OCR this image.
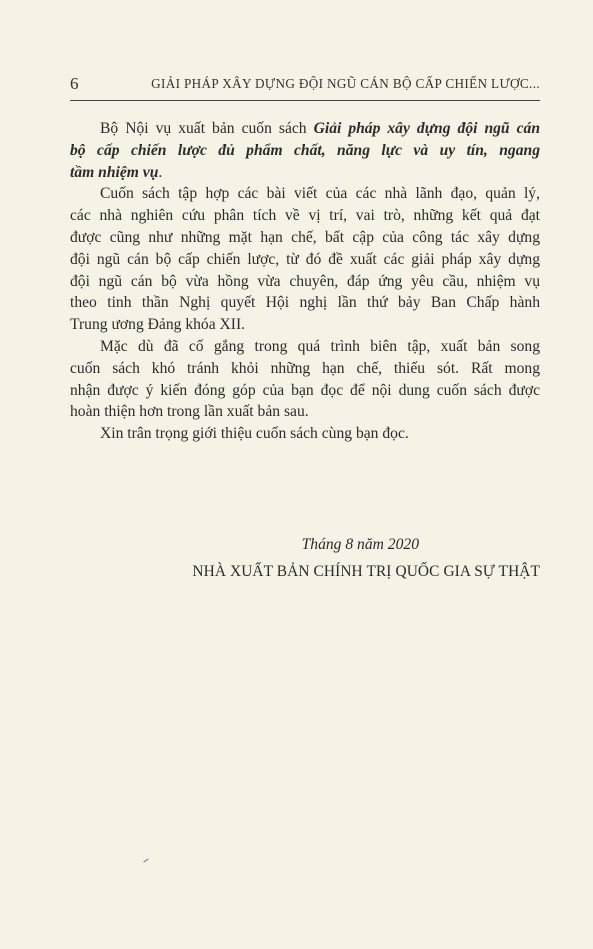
6	GIẢI PHÁP XÂY DỰNG ĐỘI NGŨ CÁN BỘ CẤP CHIẾN LƯỢC...
Bộ Nội vụ xuất bản cuốn sách Giải pháp xây dựng đội ngũ cán
bộ cấp chiến lược đủ phẩm chất, năng lực và uy tín, ngang
tầm nhiệm vụ.
Cuốn sách tập hợp các bài viết của các nhà lãnh đạo, quản lý,
các nhà nghiên cứu phân tích về vị trí, vai trò, những kết quả đạt
được cũng như những mặt hạn chế, bất cập của công tác xây dựng
đội ngũ cán bộ cấp chiến lược, từ đó đề xuất các giải pháp xây dựng
đội ngũ cán bộ vừa hồng vừa chuyên, đáp ứng yêu cầu, nhiệm vụ
theo tinh thần Nghị quyết Hội nghị lần thứ bảy Ban Chấp hành
Trung ương Đảng khóa XII.
Mặc dù đã cố gắng trong quá trình biên tập, xuất bản song
cuốn sách khó tránh khỏi những hạn chế, thiếu sót. Rất mong
nhận được ý kiến đóng góp của bạn đọc để nội dung cuốn sách được
hoàn thiện hơn trong lần xuất bản sau.
Xin trân trọng giới thiệu cuốn sách cùng bạn đọc.
Tháng 8 năm 2020
NHÀ XUẤT BẢN CHÍNH TRỊ QUỐC GIA SỰ THẬT
